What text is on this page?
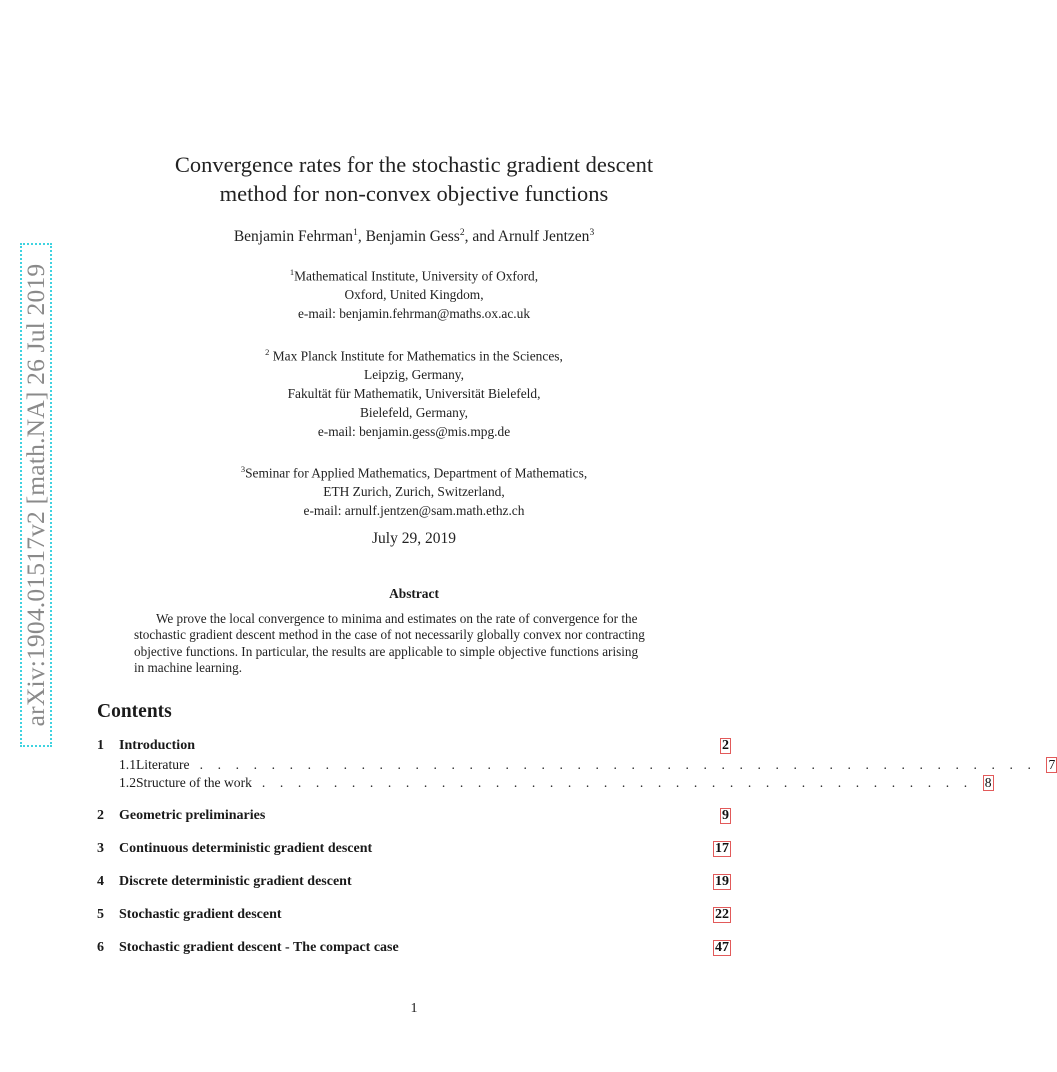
arXiv:1904.01517v2 [math.NA] 26 Jul 2019
Convergence rates for the stochastic gradient descent
method for non-convex objective functions
Benjamin Fehrman$^1$, Benjamin Gess$^2$, and Arnulf Jentzen$^3$
$^1$Mathematical Institute, University of Oxford,
Oxford, United Kingdom,
e-mail: benjamin.fehrman@maths.ox.ac.uk
$^2$ Max Planck Institute for Mathematics in the Sciences,
Leipzig, Germany,
Fakultät für Mathematik, Universität Bielefeld,
Bielefeld, Germany,
e-mail: benjamin.gess@mis.mpg.de
$^3$Seminar for Applied Mathematics, Department of Mathematics,
ETH Zurich, Zurich, Switzerland,
e-mail: arnulf.jentzen@sam.math.ethz.ch
July 29, 2019
Abstract
We prove the local convergence to minima and estimates on the rate of convergence for the
stochastic gradient descent method in the case of not necessarily globally convex nor contracting
objective functions. In particular, the results are applicable to simple objective functions arising
in machine learning.
Contents
1	Introduction	2
1.1 Literature . . . . . . . . . . . . . . . . . . . . . . . . . . . . . . . . . . . . . . . . . . . . . . . 7
1.2 Structure of the work . . . . . . . . . . . . . . . . . . . . . . . . . . . . . . . . . . . . . . . . 8
2	Geometric preliminaries	9
3	Continuous deterministic gradient descent	17
4	Discrete deterministic gradient descent	19
5	Stochastic gradient descent	22
6	Stochastic gradient descent - The compact case	47
1
